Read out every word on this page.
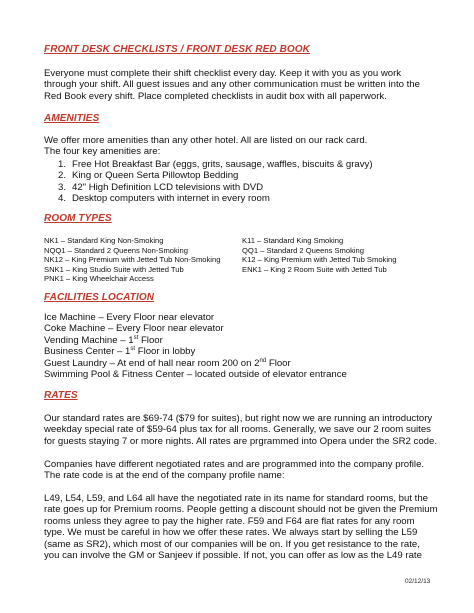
FRONT DESK CHECKLISTS / FRONT DESK RED BOOK
Everyone must complete their shift checklist every day. Keep it with you as you work
through your shift. All guest issues and any other communication must be written into the
Red Book every shift. Place completed checklists in audit box with all paperwork.
AMENITIES
We offer more amenities than any other hotel. All are listed on our rack card.
The four key amenities are:
1. Free Hot Breakfast Bar (eggs, grits, sausage, waffles, biscuits & gravy)
2. King or Queen Serta Pillowtop Bedding
3. 42" High Definition LCD televisions with DVD
4. Desktop computers with internet in every room
ROOM TYPES
NK1 – Standard King Non-Smoking
NQQ1 – Standard 2 Queens Non-Smoking
NK12 – King Premium with Jetted Tub Non-Smoking
SNK1 – King Studio Suite with Jetted Tub
PNK1 – King Wheelchair Access
K11 – Standard King Smoking
QQ1 – Standard 2 Queens Smoking
K12 – King Premium with Jetted Tub Smoking
ENK1 – King 2 Room Suite with Jetted Tub
FACILITIES LOCATION
Ice Machine – Every Floor near elevator
Coke Machine – Every Floor near elevator
Vending Machine – 1st Floor
Business Center – 1st Floor in lobby
Guest Laundry – At end of hall near room 200 on 2nd Floor
Swimming Pool & Fitness Center – located outside of elevator entrance
RATES
Our standard rates are $69-74 ($79 for suites), but right now we are running an introductory
weekday special rate of $59-64 plus tax for all rooms. Generally, we save our 2 room suites
for guests staying 7 or more nights. All rates are prgrammed into Opera under the SR2 code.
Companies have different negotiated rates and are programmed into the company profile.
The rate code is at the end of the company profile name:
L49, L54, L59, and L64 all have the negotiated rate in its name for standard rooms, but the
rate goes up for Premium rooms. People getting a discount should not be given the Premium
rooms unless they agree to pay the higher rate. F59 and F64 are flat rates for any room
type. We must be careful in how we offer these rates. We always start by selling the L59
(same as SR2), which most of our companies will be on. If you get resistance to the rate,
you can involve the GM or Sanjeev if possible. If not, you can offer as low as the L49 rate
02/12/13
